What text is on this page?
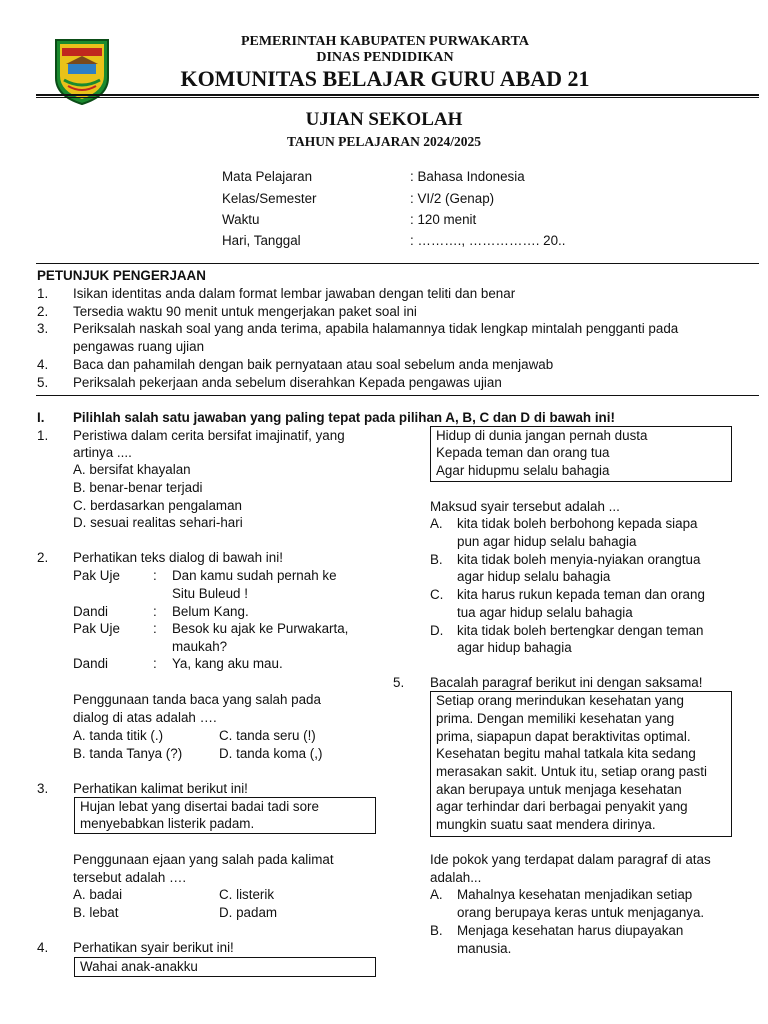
PEMERINTAH KABUPATEN PURWAKARTA
DINAS PENDIDIKAN
KOMUNITAS BELAJAR GURU ABAD 21
UJIAN SEKOLAH
TAHUN PELAJARAN 2024/2025
Mata Pelajaran	: Bahasa Indonesia
Kelas/Semester	: VI/2 (Genap)
Waktu	: 120 menit
Hari, Tanggal	: ………., ……………. 20..
PETUNJUK PENGERJAAN
1. Isikan identitas anda dalam format lembar jawaban dengan teliti dan benar
2. Tersedia waktu 90 menit untuk mengerjakan paket soal ini
3. Periksalah naskah soal yang anda terima, apabila halamannya tidak lengkap mintalah pengganti pada
pengawas ruang ujian
4. Baca dan pahamilah dengan baik pernyataan atau soal sebelum anda menjawab
5. Periksalah pekerjaan anda sebelum diserahkan Kepada pengawas ujian
I. Pilihlah salah satu jawaban yang paling tepat pada pilihan A, B, C dan D di bawah ini!
1. Peristiwa dalam cerita bersifat imajinatif, yang
artinya ....
A. bersifat khayalan
B. benar-benar terjadi
C. berdasarkan pengalaman
D. sesuai realitas sehari-hari
2. Perhatikan teks dialog di bawah ini!
Pak Uje : Dan kamu sudah pernah ke
Situ Buleud !
Dandi	: Belum Kang.
Pak Uje : Besok ku ajak ke Purwakarta,
maukah?
Dandi	: Ya, kang aku mau.
Penggunaan tanda baca yang salah pada
dialog di atas adalah ….
A. tanda titik (.)	C. tanda seru (!)
B. tanda Tanya (?)	D. tanda koma (,)
3. Perhatikan kalimat berikut ini!
Hujan lebat yang disertai badai tadi sore
menyebabkan listerik padam.
Penggunaan ejaan yang salah pada kalimat
tersebut adalah ….
A. badai	C. listerik
B. lebat	D. padam
4. Perhatikan syair berikut ini!
Wahai anak-anakku
Hidup di dunia jangan pernah dusta
Kepada teman dan orang tua
Agar hidupmu selalu bahagia
Maksud syair tersebut adalah ...
A. kita tidak boleh berbohong kepada siapa
pun agar hidup selalu bahagia
B. kita tidak boleh menyia-nyiakan orangtua
agar hidup selalu bahagia
C. kita harus rukun kepada teman dan orang
tua agar hidup selalu bahagia
D. kita tidak boleh bertengkar dengan teman
agar hidup bahagia
5. Bacalah paragraf berikut ini dengan saksama!
Setiap orang merindukan kesehatan yang
prima. Dengan memiliki kesehatan yang
prima, siapapun dapat beraktivitas optimal.
Kesehatan begitu mahal tatkala kita sedang
merasakan sakit. Untuk itu, setiap orang pasti
akan berupaya untuk menjaga kesehatan
agar terhindar dari berbagai penyakit yang
mungkin suatu saat mendera dirinya.
Ide pokok yang terdapat dalam paragraf di atas
adalah...
A. Mahalnya kesehatan menjadikan setiap
orang berupaya keras untuk menjaganya.
B. Menjaga kesehatan harus diupayakan
manusia.
